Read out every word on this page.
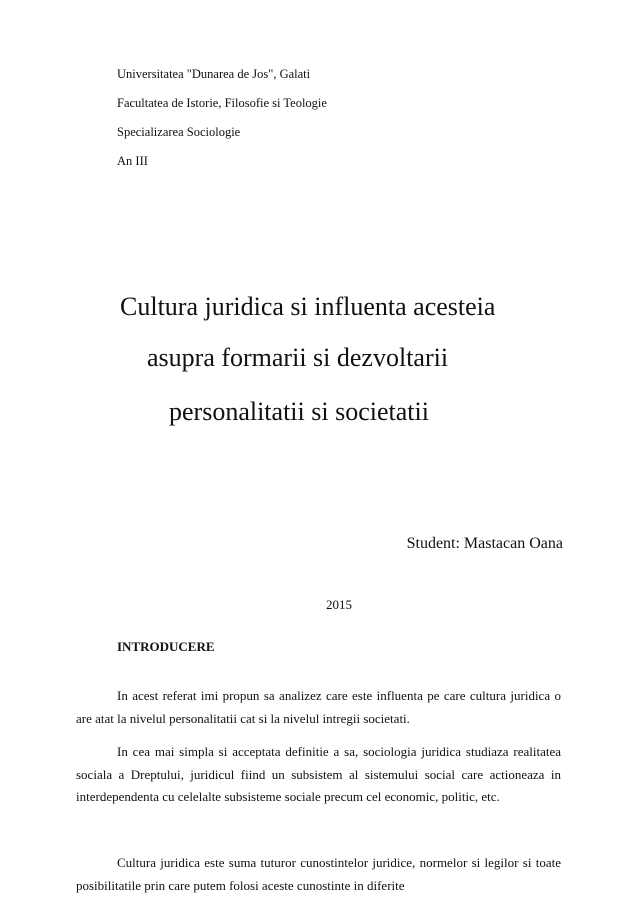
Universitatea "Dunarea de Jos", Galati
Facultatea de Istorie, Filosofie si Teologie
Specializarea Sociologie
An III
Cultura juridica si influenta acesteia
asupra formarii si dezvoltarii
personalitatii si societatii
Student: Mastacan Oana
2015
INTRODUCERE

In acest referat imi propun sa analizez care este influenta pe care cultura juridica o are atat la nivelul personalitatii cat si la nivelul intregii societati.

In cea mai simpla si acceptata definitie a sa, sociologia juridica studiaza realitatea sociala a Dreptului, juridicul fiind un subsistem al sistemului social care actioneaza in interdependenta cu celelalte subsisteme sociale precum cel economic, politic, etc.

Cultura juridica este suma tuturor cunostintelor juridice, normelor si legilor si toate posibilitatile prin care putem folosi aceste cunostinte in diferite
